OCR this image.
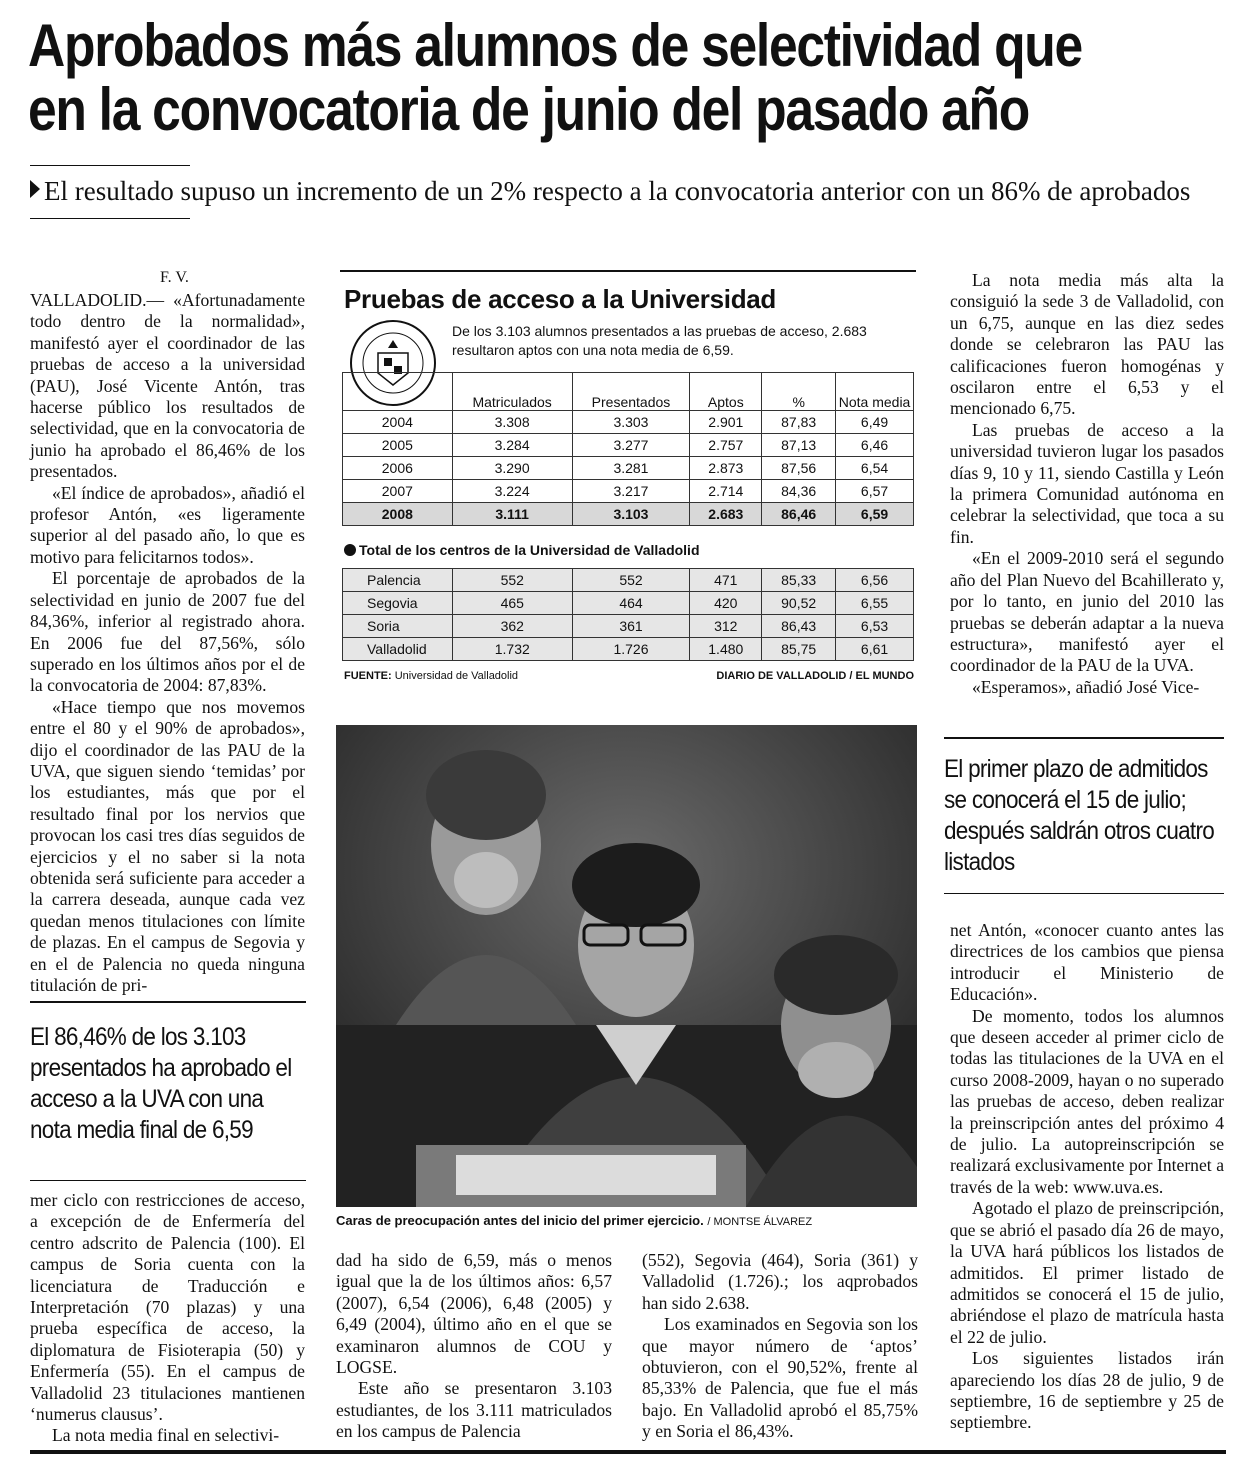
Aprobados más alumnos de selectividad que
en la convocatoria de junio del pasado año
El resultado supuso un incremento de un 2% respecto a la convocatoria anterior con un 86% de aprobados
F. V.

VALLADOLID.— «Afortunadamente todo dentro de la normalidad», manifestó ayer el coordinador de las pruebas de acceso a la universidad (PAU), José Vicente Antón, tras hacerse público los resultados de selectividad, que en la convocatoria de junio ha aprobado el 86,46% de los presentados.

«El índice de aprobados», añadió el profesor Antón, «es ligeramente superior al del pasado año, lo que es motivo para felicitarnos todos».

El porcentaje de aprobados de la selectividad en junio de 2007 fue del 84,36%, inferior al registrado ahora. En 2006 fue del 87,56%, sólo superado en los últimos años por el de la convocatoria de 2004: 87,83%.

«Hace tiempo que nos movemos entre el 80 y el 90% de aprobados», dijo el coordinador de las PAU de la UVA, que siguen siendo ‘temidas’ por los estudiantes, más que por el resultado final por los nervios que provocan los casi tres días seguidos de ejercicios y el no saber si la nota obtenida será suficiente para acceder a la carrera deseada, aunque cada vez quedan menos titulaciones con límite de plazas. En el campus de Segovia y en el de Palencia no queda ninguna titulación de pri-

El 86,46% de los 3.103 presentados ha aprobado el acceso a la UVA con una nota media final de 6,59

mer ciclo con restricciones de acceso, a excepción de de Enfermería del centro adscrito de Palencia (100). El campus de Soria cuenta con la licenciatura de Traducción e Interpretación (70 plazas) y una prueba específica de acceso, la diplomatura de Fisioterapia (50) y Enfermería (55). En el campus de Valladolid 23 titulaciones mantienen ‘numerus clausus’.

La nota media final en selectivi-

Pruebas de acceso a la Universidad
De los 3.103 alumnos presentados a las pruebas de acceso, 2.683 resultaron aptos con una nota media de 6,59.
	Matriculados	Presentados	Aptos	%	Nota media
2004	3.308	3.303	2.901	87,83	6,49
2005	3.284	3.277	2.757	87,13	6,46
2006	3.290	3.281	2.873	87,56	6,54
2007	3.224	3.217	2.714	84,36	6,57
2008	3.111	3.103	2.683	86,46	6,59
Total de los centros de la Universidad de Valladolid
Palencia	552	552	471	85,33	6,56
Segovia	465	464	420	90,52	6,55
Soria	362	361	312	86,43	6,53
Valladolid	1.732	1.726	1.480	85,75	6,61
FUENTE: Universidad de Valladolid	DIARIO DE VALLADOLID / EL MUNDO
Caras de preocupación antes del inicio del primer ejercicio. / MONTSE ÁLVAREZ

dad ha sido de 6,59, más o menos igual que la de los últimos años: 6,57 (2007), 6,54 (2006), 6,48 (2005) y 6,49 (2004), último año en el que se examinaron alumnos de COU y LOGSE.

Este año se presentaron 3.103 estudiantes, de los 3.111 matriculados en los campus de Palencia

(552), Segovia (464), Soria (361) y Valladolid (1.726).; los aqprobados han sido 2.638.

Los examinados en Segovia son los que mayor número de ‘aptos’ obtuvieron, con el 90,52%, frente al 85,33% de Palencia, que fue el más bajo. En Valladolid aprobó el 85,75% y en Soria el 86,43%.

La nota media más alta la consiguió la sede 3 de Valladolid, con un 6,75, aunque en las diez sedes donde se celebraron las PAU las calificaciones fueron homogénas y oscilaron entre el 6,53 y el mencionado 6,75.

Las pruebas de acceso a la universidad tuvieron lugar los pasados días 9, 10 y 11, siendo Castilla y León la primera Comunidad autónoma en celebrar la selectividad, que toca a su fin.

«En el 2009-2010 será el segundo año del Plan Nuevo del Bcahillerato y, por lo tanto, en junio del 2010 las pruebas se deberán adaptar a la nueva estructura», manifestó ayer el coordinador de la PAU de la UVA.

«Esperamos», añadió José Vice-

El primer plazo de admitidos se conocerá el 15 de julio; después saldrán otros cuatro listados

net Antón, «conocer cuanto antes las directrices de los cambios que piensa introducir el Ministerio de Educación».

De momento, todos los alumnos que deseen acceder al primer ciclo de todas las titulaciones de la UVA en el curso 2008-2009, hayan o no superado las pruebas de acceso, deben realizar la preinscripción antes del próximo 4 de julio. La autopreinscripción se realizará exclusivamente por Internet a través de la web: www.uva.es.

Agotado el plazo de preinscripción, que se abrió el pasado día 26 de mayo, la UVA hará públicos los listados de admitidos. El primer listado de admitidos se conocerá el 15 de julio, abriéndose el plazo de matrícula hasta el 22 de julio.

Los siguientes listados irán apareciendo los días 28 de julio, 9 de septiembre, 16 de septiembre y 25 de septiembre.
